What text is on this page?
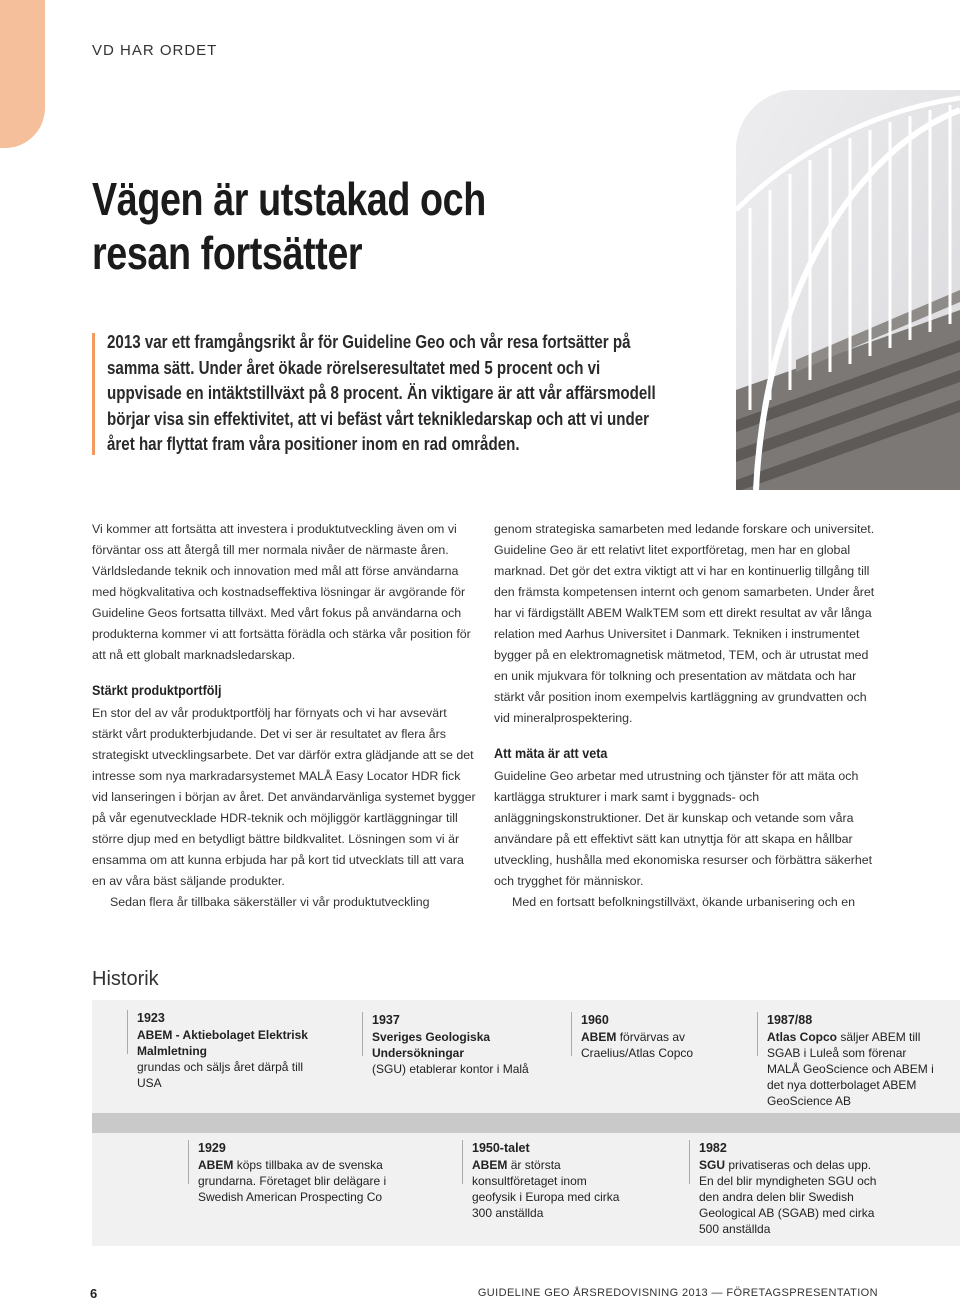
VD HAR ORDET
Vägen är utstakad och
resan fortsätter

2013 var ett framgångsrikt år för Guideline Geo och vår resa fortsätter på samma sätt. Under året ökade rörelseresultatet med 5 procent och vi uppvisade en intäktstillväxt på 8 procent. Än viktigare är att vår affärsmodell börjar visa sin effektivitet, att vi befäst vårt teknikledarskap och att vi under året har flyttat fram våra positioner inom en rad områden.

Vi kommer att fortsätta att investera i produktutveckling även om vi förväntar oss att återgå till mer normala nivåer de närmaste åren. Världsledande teknik och innovation med mål att förse användarna med högkvalitativa och kostnadseffektiva lösningar är avgörande för Guideline Geos fortsatta tillväxt. Med vårt fokus på användarna och produkterna kommer vi att fortsätta förädla och stärka vår position för att nå ett globalt marknadsledarskap.

Stärkt produktportfölj

En stor del av vår produktportfölj har förnyats och vi har avsevärt stärkt vårt produkterbjudande. Det vi ser är resultatet av flera års strategiskt utvecklingsarbete. Det var därför extra glädjande att se det intresse som nya markradarsystemet MALÅ Easy Locator HDR fick vid lanseringen i början av året. Det användarvänliga systemet bygger på vår egenutvecklade HDR-teknik och möjliggör kartläggningar till större djup med en betydligt bättre bildkvalitet. Lösningen som vi är ensamma om att kunna erbjuda har på kort tid utvecklats till att vara en av våra bäst säljande produkter.

Sedan flera år tillbaka säkerställer vi vår produktutveckling

genom strategiska samarbeten med ledande forskare och universitet. Guideline Geo är ett relativt litet exportföretag, men har en global marknad. Det gör det extra viktigt att vi har en kontinuerlig tillgång till den främsta kompetensen internt och genom samarbeten. Under året har vi färdigställt ABEM WalkTEM som ett direkt resultat av vår långa relation med Aarhus Universitet i Danmark. Tekniken i instrumentet bygger på en elektromagnetisk mätmetod, TEM, och är utrustat med en unik mjukvara för tolkning och presentation av mätdata och har stärkt vår position inom exempelvis kartläggning av grundvatten och vid mineralprospektering.

Att mäta är att veta

Guideline Geo arbetar med utrustning och tjänster för att mäta och kartlägga strukturer i mark samt i byggnads- och anläggningskonstruktioner. Det är kunskap och vetande som våra användare på ett effektivt sätt kan utnyttja för att skapa en hållbar utveckling, hushålla med ekonomiska resurser och förbättra säkerhet och trygghet för människor.

Med en fortsatt befolkningstillväxt, ökande urbanisering och en

Historik
1923
ABEM - Aktiebolaget Elektrisk Malmletning
grundas och säljs året därpå till USA
1937
Sveriges Geologiska Undersökningar
(SGU) etablerar kontor i Malå
1960
ABEM förvärvas av Craelius/Atlas Copco
1987/88
Atlas Copco säljer ABEM till SGAB i Luleå som förenar MALÅ GeoScience och ABEM i det nya dotterbolaget ABEM GeoScience AB
1929
ABEM köps tillbaka av de svenska grundarna. Företaget blir delägare i Swedish American Prospecting Co
1950-talet
ABEM är största konsultföretaget inom geofysik i Europa med cirka 300 anställda
1982
SGU privatiseras och delas upp. En del blir myndigheten SGU och den andra delen blir Swedish Geological AB (SGAB) med cirka 500 anställda
6	GUIDELINE GEO ÅRSREDOVISNING 2013 — FÖRETAGSPRESENTATION
